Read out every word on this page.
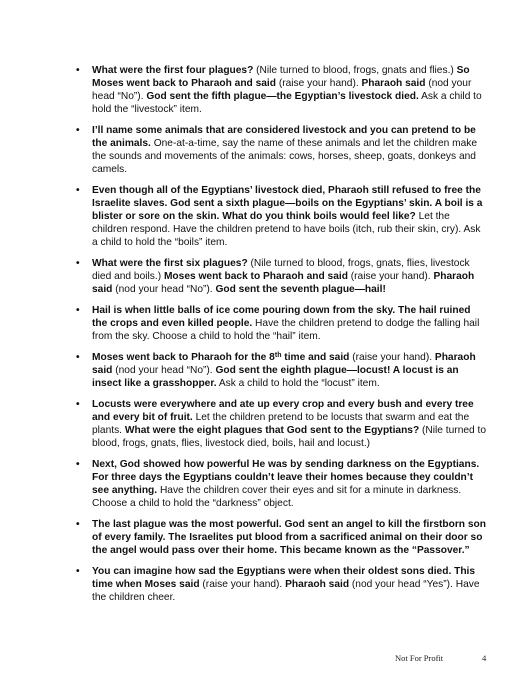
• What were the first four plagues? (Nile turned to blood, frogs, gnats and flies.) So Moses went back to Pharaoh and said (raise your hand). Pharaoh said (nod your head “No”). God sent the fifth plague—the Egyptian’s livestock died. Ask a child to hold the “livestock” item.
• I’ll name some animals that are considered livestock and you can pretend to be the animals. One-at-a-time, say the name of these animals and let the children make the sounds and movements of the animals: cows, horses, sheep, goats, donkeys and camels.
• Even though all of the Egyptians’ livestock died, Pharaoh still refused to free the Israelite slaves. God sent a sixth plague—boils on the Egyptians’ skin. A boil is a blister or sore on the skin. What do you think boils would feel like? Let the children respond. Have the children pretend to have boils (itch, rub their skin, cry). Ask a child to hold the “boils” item.
• What were the first six plagues? (Nile turned to blood, frogs, gnats, flies, livestock died and boils.) Moses went back to Pharaoh and said (raise your hand). Pharaoh said (nod your head “No”). God sent the seventh plague—hail!
• Hail is when little balls of ice come pouring down from the sky. The hail ruined the crops and even killed people. Have the children pretend to dodge the falling hail from the sky. Choose a child to hold the “hail” item.
• Moses went back to Pharaoh for the 8th time and said (raise your hand). Pharaoh said (nod your head “No”). God sent the eighth plague—locust! A locust is an insect like a grasshopper. Ask a child to hold the “locust” item.
• Locusts were everywhere and ate up every crop and every bush and every tree and every bit of fruit. Let the children pretend to be locusts that swarm and eat the plants. What were the eight plagues that God sent to the Egyptians? (Nile turned to blood, frogs, gnats, flies, livestock died, boils, hail and locust.)
• Next, God showed how powerful He was by sending darkness on the Egyptians. For three days the Egyptians couldn’t leave their homes because they couldn’t see anything. Have the children cover their eyes and sit for a minute in darkness. Choose a child to hold the “darkness” object.
• The last plague was the most powerful. God sent an angel to kill the firstborn son of every family. The Israelites put blood from a sacrificed animal on their door so the angel would pass over their home. This became known as the “Passover.”
• You can imagine how sad the Egyptians were when their oldest sons died. This time when Moses said (raise your hand). Pharaoh said (nod your head “Yes”). Have the children cheer.
Not For Profit	4
